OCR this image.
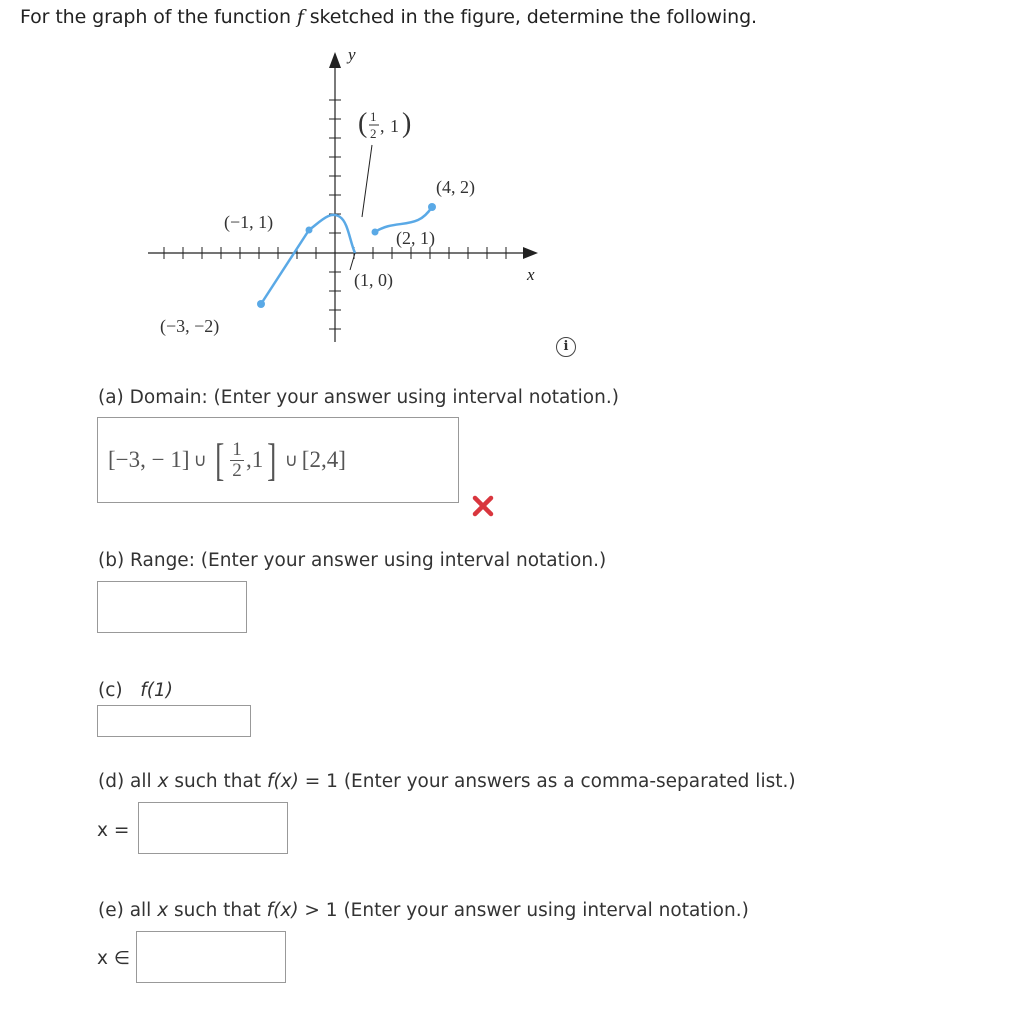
For the graph of the function f sketched in the figure, determine the following.
y
x
(−1, 1)
(4, 2)
(2, 1)
(1, 0)
(−3, −2)
( 1
2 , 1 )
i
(a) Domain: (Enter your answer using interval notation.)
[−3, − 1] ∪ [ $\frac{1}{2} ,1$ ] ∪ [2,4]
(b) Range: (Enter your answer using interval notation.)
(c) f(1)
(d) all x such that f(x) = 1 (Enter your answers as a comma-separated list.)
x =
(e) all x such that f(x) > 1 (Enter your answer using interval notation.)
x ∈
